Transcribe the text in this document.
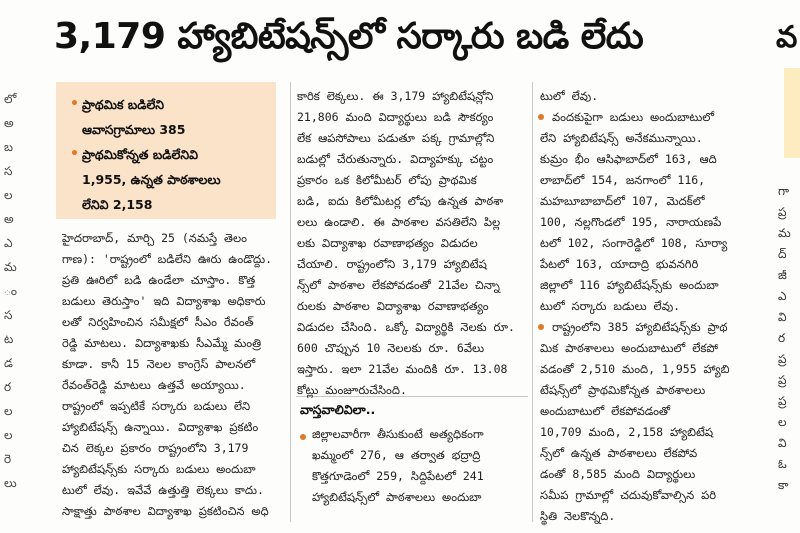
లో
అ
బ
స
ల
అ
ఎ
మ
ం
స
ట
డ
ర
ల
ల
రె
లు
3,179 హ్యాబిటేషన్స్‌లో సర్కారు బడి లేదు
• ప్రాథమిక బడిలేని
ఆవాసగ్రామాలు 385
• ప్రాథమికోన్నత బడిలేనివి
1,955, ఉన్నత పాఠశాలలు
లేనివి 2,158
హైదరాబాద్, మార్చి 25 (నమస్తే తెలం
గాణ): 'రాష్ట్రంలో బడిలేని ఊరు ఉండొద్దు.
ప్రతి ఊరిలో బడి ఉండేలా చూస్తాం. కొత్త
బడులు తెరుస్తాం' ఇది విద్యాశాఖ అధికారు
లతో నిర్వహించిన సమీక్షలో సీఎం రేవంత్
రెడ్డి మాటలు. విద్యాశాఖకు సీఎమ్మే మంత్రి
కూడా. కానీ 15 నెలల కాంగ్రెస్ పాలనలో
రేవంత్‌రెడ్డి మాటలు ఉత్తవే అయ్యాయి.
రాష్ట్రంలో ఇప్పటికే సర్కారు బడులు లేని
హ్యాబిటేషన్స్ ఉన్నాయి. విద్యాశాఖ ప్రకటిం
చిన లెక్కల ప్రకారం రాష్ట్రంలోని 3,179
హ్యాబిటేషన్స్‌కు సర్కారు బడులు అందుబా
టులో లేవు. ఇవేవే ఉత్తుత్తి లెక్కలు కాదు.
సాక్షాత్తు పాఠశాల విద్యాశాఖ ప్రకటించిన అధి
కారిక లెక్కలు. ఈ 3,179 హ్యాబిటేషన్లోని
21,806 మంది విద్యార్థులు బడి సౌకర్యం
లేక ఆపసోపాలు పడుతూ పక్క గ్రామాల్లోని
బడుల్లో చేరుతున్నారు. విద్యాహక్కు చట్టం
ప్రకారం ఒక కిలోమీటర్ లోపు ప్రాథమిక
బడి, ఐదు కిలోమీటర్ల లోపు ఉన్నత పాఠశా
లలు ఉండాలి. ఈ పాఠశాల వసతిలేని పిల్ల
లకు విద్యాశాఖ రవాణాభత్యం విడుదల
చేయాలి. రాష్ట్రంలోని 3,179 హ్యాబిటేష
న్స్‌లో పాఠశాల లేకపోవడంతో 21వేల చిన్నా
రులకు పాఠశాల విద్యాశాఖ రవాణాభత్యం
విడుదల చేసింది. ఒక్కో విద్యార్థికి నెలకు రూ.
600 చొప్పున 10 నెలలకు రూ. 6వేలు
ఇస్తారు. ఇలా 21వేల మందికి రూ. 13.08
కోట్లు మంజూరుచేసింది.
వాస్తవాలివిలా..
జిల్లాలవారీగా తీసుకుంటే అత్యధికంగా
ఖమ్మంలో 276, ఆ తర్వాత భద్రాద్రి
కొత్తగూడెంలో 259, సిద్దిపేటలో 241
హ్యాబిటేషన్స్‌లో పాఠశాలలు అందుబా
టులో లేవు.
వందకుపైగా బడులు అందుబాటులో
లేని హ్యాబిటేషన్స్ అనేకమున్నాయి.
కుమ్రం భీం ఆసిఫాబాద్‌లో 163, ఆది
లాబాద్‌లో 154, జనగాంలో 116,
మహబూబాబాద్‌లో 107, మెదక్‌లో
100, నల్లగొండలో 195, నారాయణపే
టలో 102, సంగారెడ్డిలో 108, సూర్యా
పేటలో 163, యాదాద్రి భువనగిరి
జిల్లాలో 116 హ్యాబిటేషన్స్‌కు అందుబా
టులో సర్కారు బడులు లేవు.
రాష్ట్రంలోని 385 హ్యాబిటేషన్స్‌కు ప్రాథ
మిక పాఠశాలలు అందుబాటులో లేకపో
వడంతో 2,510 మంది, 1,955 హ్యాబి
టేషన్స్‌లో ప్రాథమికోన్నత పాఠశాలలు
అందుబాటులో లేకపోవడంతో
10,709 మంది, 2,158 హ్యాబిటేష
న్స్‌లో ఉన్నత పాఠశాలలు లేకపోవ
డంతో 8,585 మంది విద్యార్థులు
సమీప గ్రామాల్లో చదువుకోవాల్సిన పరి
స్థితి నెలకొన్నది.
వ
గా
ప్ర
మ
ద్
జీ
ఎ
వి
ర
ప్ర
ప్ర
ప్ర
ల
వి
ఓ
కా
